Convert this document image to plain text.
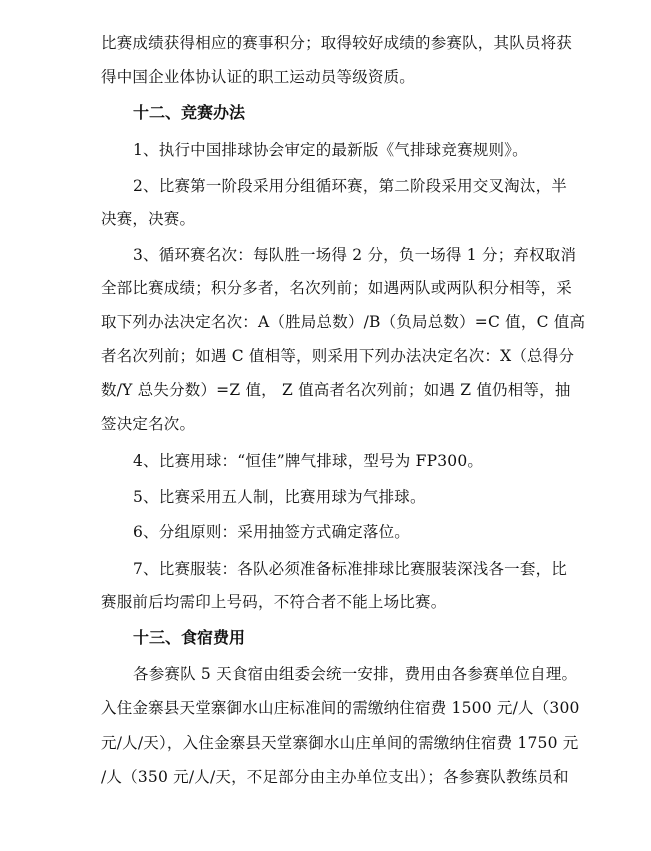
比赛成绩获得相应的赛事积分；取得较好成绩的参赛队，其队员将获
得中国企业体协认证的职工运动员等级资质。
十二、竞赛办法
1、执行中国排球协会审定的最新版《气排球竞赛规则》。
2、比赛第一阶段采用分组循环赛，第二阶段采用交叉淘汰，半
决赛，决赛。
3、循环赛名次：每队胜一场得 2 分，负一场得 1 分；弃权取消
全部比赛成绩；积分多者，名次列前；如遇两队或两队积分相等，采
取下列办法决定名次：A（胜局总数）/B（负局总数）=C 值，C 值高
者名次列前；如遇 C 值相等，则采用下列办法决定名次：X（总得分
数/Y 总失分数）=Z 值， Z 值高者名次列前；如遇 Z 值仍相等，抽
签决定名次。
4、比赛用球：“恒佳”牌气排球，型号为 FP300。
5、比赛采用五人制，比赛用球为气排球。
6、分组原则：采用抽签方式确定落位。
7、比赛服装：各队必须准备标准排球比赛服装深浅各一套，比
赛服前后均需印上号码，不符合者不能上场比赛。
十三、食宿费用
各参赛队 5 天食宿由组委会统一安排，费用由各参赛单位自理。
入住金寨县天堂寨御水山庄标准间的需缴纳住宿费 1500 元/人（300
元/人/天），入住金寨县天堂寨御水山庄单间的需缴纳住宿费 1750 元
/人（350 元/人/天，不足部分由主办单位支出）；各参赛队教练员和
